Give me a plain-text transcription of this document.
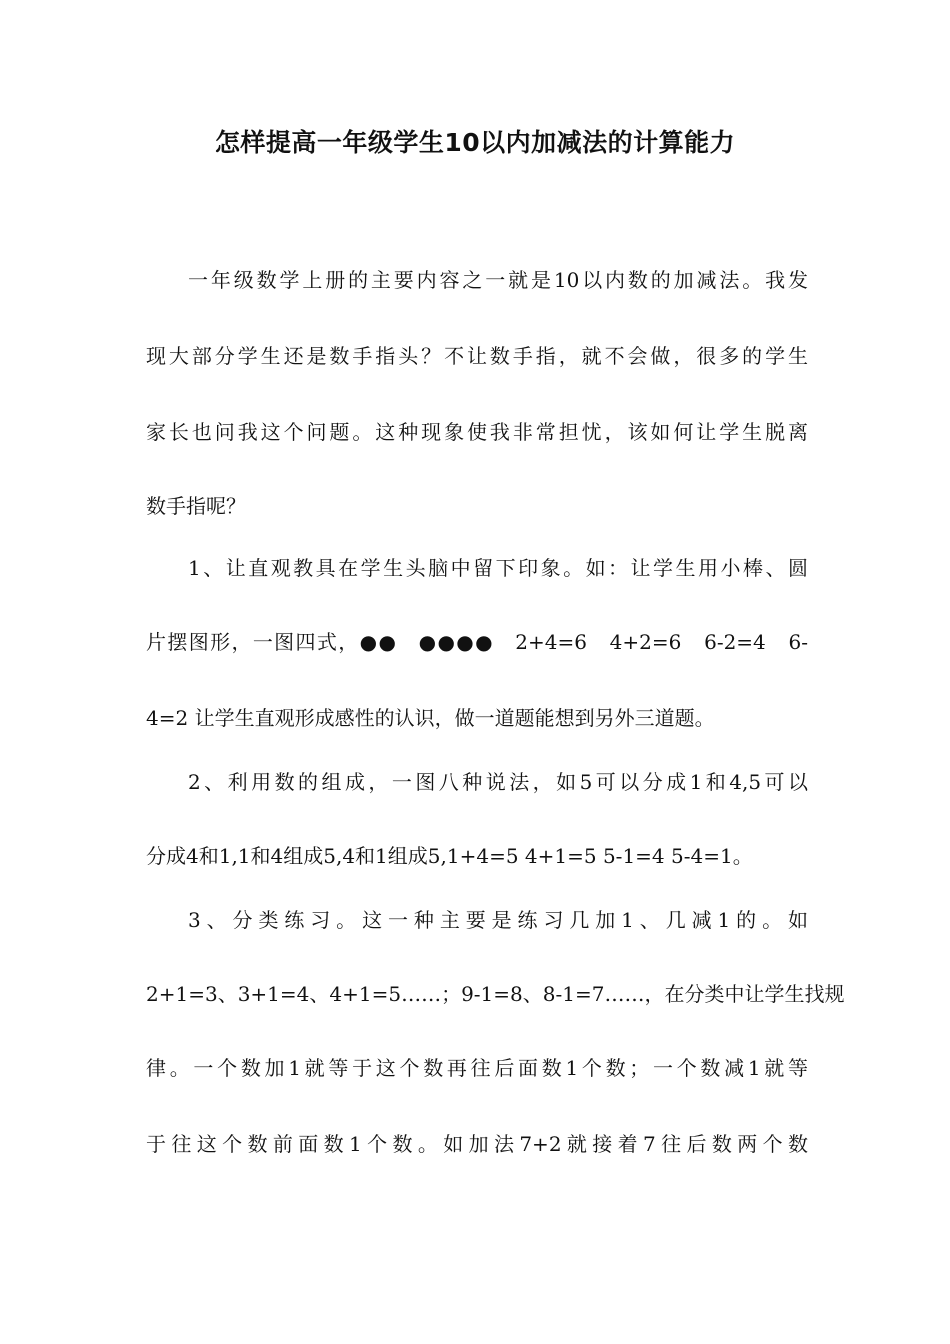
怎样提高一年级学生10以内加减法的计算能力
一年级数学上册的主要内容之一就是10以内数的加减法。我发
现大部分学生还是数手指头？不让数手指，就不会做，很多的学生
家长也问我这个问题。这种现象使我非常担忧，该如何让学生脱离
数手指呢？
1、让直观教具在学生头脑中留下印象。如：让学生用小棒、圆
片摆图形，一图四式，●●　●●●●　2+4=6　4+2=6　6-2=4　6-
4=2 让学生直观形成感性的认识，做一道题能想到另外三道题。
2、利用数的组成，一图八种说法，如5可以分成1和4,5可以
分成4和1,1和4组成5,4和1组成5,1+4=5 4+1=5 5-1=4 5-4=1。
3、分类练习。这一种主要是练习几加1、几减1的。如
2+1=3、3+1=4、4+1=5……；9-1=8、8-1=7……，在分类中让学生找规
律。一个数加1就等于这个数再往后面数1个数；一个数减1就等
于往这个数前面数1个数。如加法7+2就接着7往后数两个数
